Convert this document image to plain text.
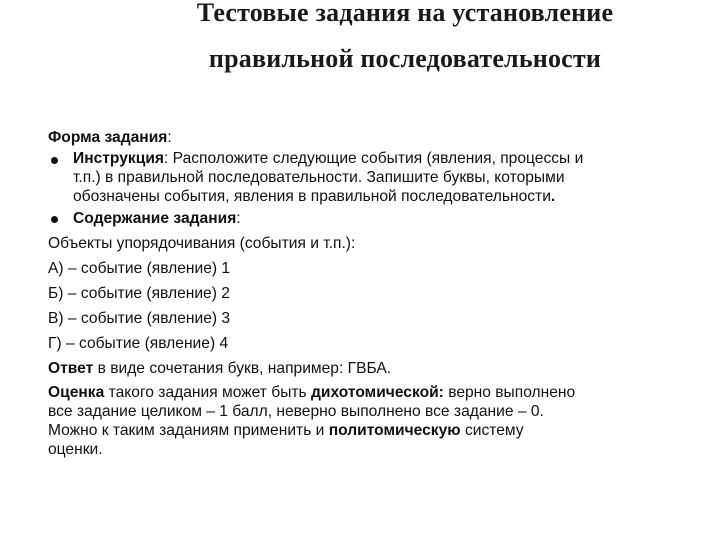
Тестовые задания на установление
правильной последовательности
Форма задания:
Инструкция: Расположите следующие события (явления, процессы и
т.п.) в правильной последовательности. Запишите буквы, которыми
обозначены события, явления в правильной последовательности.
Содержание задания:
Объекты упорядочивания (события и т.п.):
А) – событие (явление) 1
Б) – событие (явление) 2
В) – событие (явление) 3
Г) – событие (явление) 4
Ответ в виде сочетания букв, например: ГВБА.
Оценка такого задания может быть дихотомической: верно выполнено
все задание целиком – 1 балл, неверно выполнено все задание – 0.
Можно к таким заданиям применить и политомическую систему
оценки.
